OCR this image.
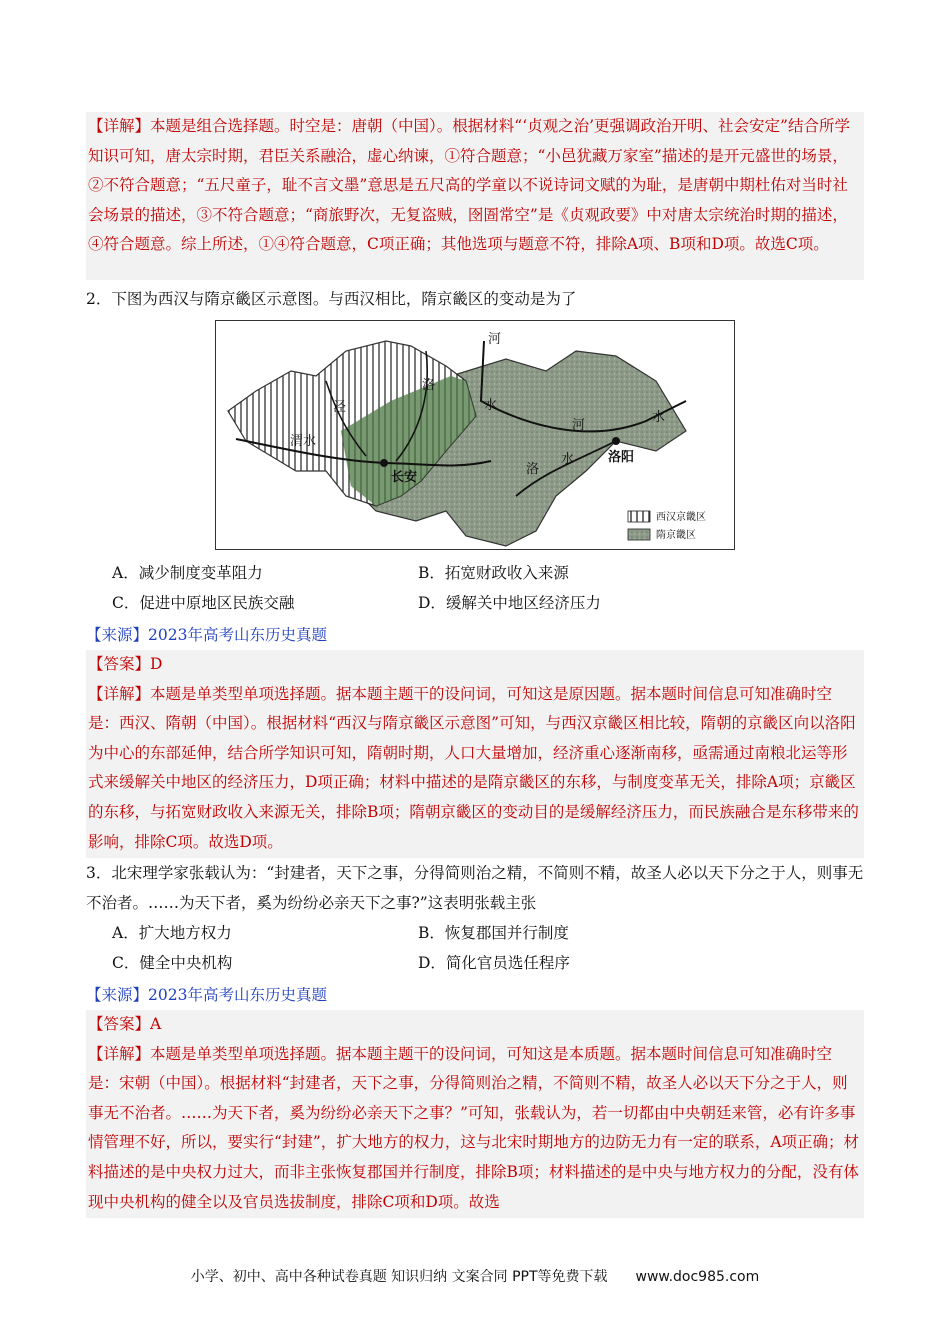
【详解】本题是组合选择题。时空是：唐朝（中国）。根据材料“‘贞观之治’更强调政治开明、社会安定”结合所学知识可知，唐太宗时期，君臣关系融洽，虚心纳谏，①符合题意；“小邑犹藏万家室”描述的是开元盛世的场景，②不符合题意；“五尺童子，耻不言文墨”意思是五尺高的学童以不说诗词文赋的为耻，是唐朝中期杜佑对当时社会场景的描述，③不符合题意；“商旅野次，无复盗贼，囹圄常空”是《贞观政要》中对唐太宗统治时期的描述，④符合题意。综上所述，①④符合题意，C项正确；其他选项与题意不符，排除A项、B项和D项。故选C项。
2．下图为西汉与隋京畿区示意图。与西汉相比，隋京畿区的变动是为了
河
洛
泾
渭水
长安
水
河
水
洛
水	洛阳
西汉京畿区
隋京畿区
A．减少制度变革阻力	B．拓宽财政收入来源
C．促进中原地区民族交融	D．缓解关中地区经济压力
【来源】2023年高考山东历史真题
【答案】D
【详解】本题是单类型单项选择题。据本题主题干的设问词，可知这是原因题。据本题时间信息可知准确时空是：西汉、隋朝（中国）。根据材料“西汉与隋京畿区示意图”可知，与西汉京畿区相比较，隋朝的京畿区向以洛阳为中心的东部延伸，结合所学知识可知，隋朝时期，人口大量增加，经济重心逐渐南移，亟需通过南粮北运等形式来缓解关中地区的经济压力，D项正确；材料中描述的是隋京畿区的东移，与制度变革无关，排除A项；京畿区的东移，与拓宽财政收入来源无关，排除B项；隋朝京畿区的变动目的是缓解经济压力，而民族融合是东移带来的影响，排除C项。故选D项。
3．北宋理学家张载认为：“封建者，天下之事，分得简则治之精，不简则不精，故圣人必以天下分之于人，则事无不治者。……为天下者，奚为纷纷必亲天下之事?”这表明张载主张
A．扩大地方权力	B．恢复郡国并行制度
C．健全中央机构	D．简化官员选任程序
【来源】2023年高考山东历史真题
【答案】A
【详解】本题是单类型单项选择题。据本题主题干的设问词，可知这是本质题。据本题时间信息可知准确时空是：宋朝（中国）。根据材料“封建者，天下之事，分得简则治之精，不简则不精，故圣人必以天下分之于人，则事无不治者。……为天下者，奚为纷纷必亲天下之事？”可知，张载认为，若一切都由中央朝廷来管，必有许多事情管理不好，所以，要实行“封建”，扩大地方的权力，这与北宋时期地方的边防无力有一定的联系，A项正确；材料描述的是中央权力过大，而非主张恢复郡国并行制度，排除B项；材料描述的是中央与地方权力的分配，没有体现中央机构的健全以及官员选拔制度，排除C项和D项。故选
小学、初中、高中各种试卷真题 知识归纳 文案合同 PPT等免费下载　　www.doc985.com
